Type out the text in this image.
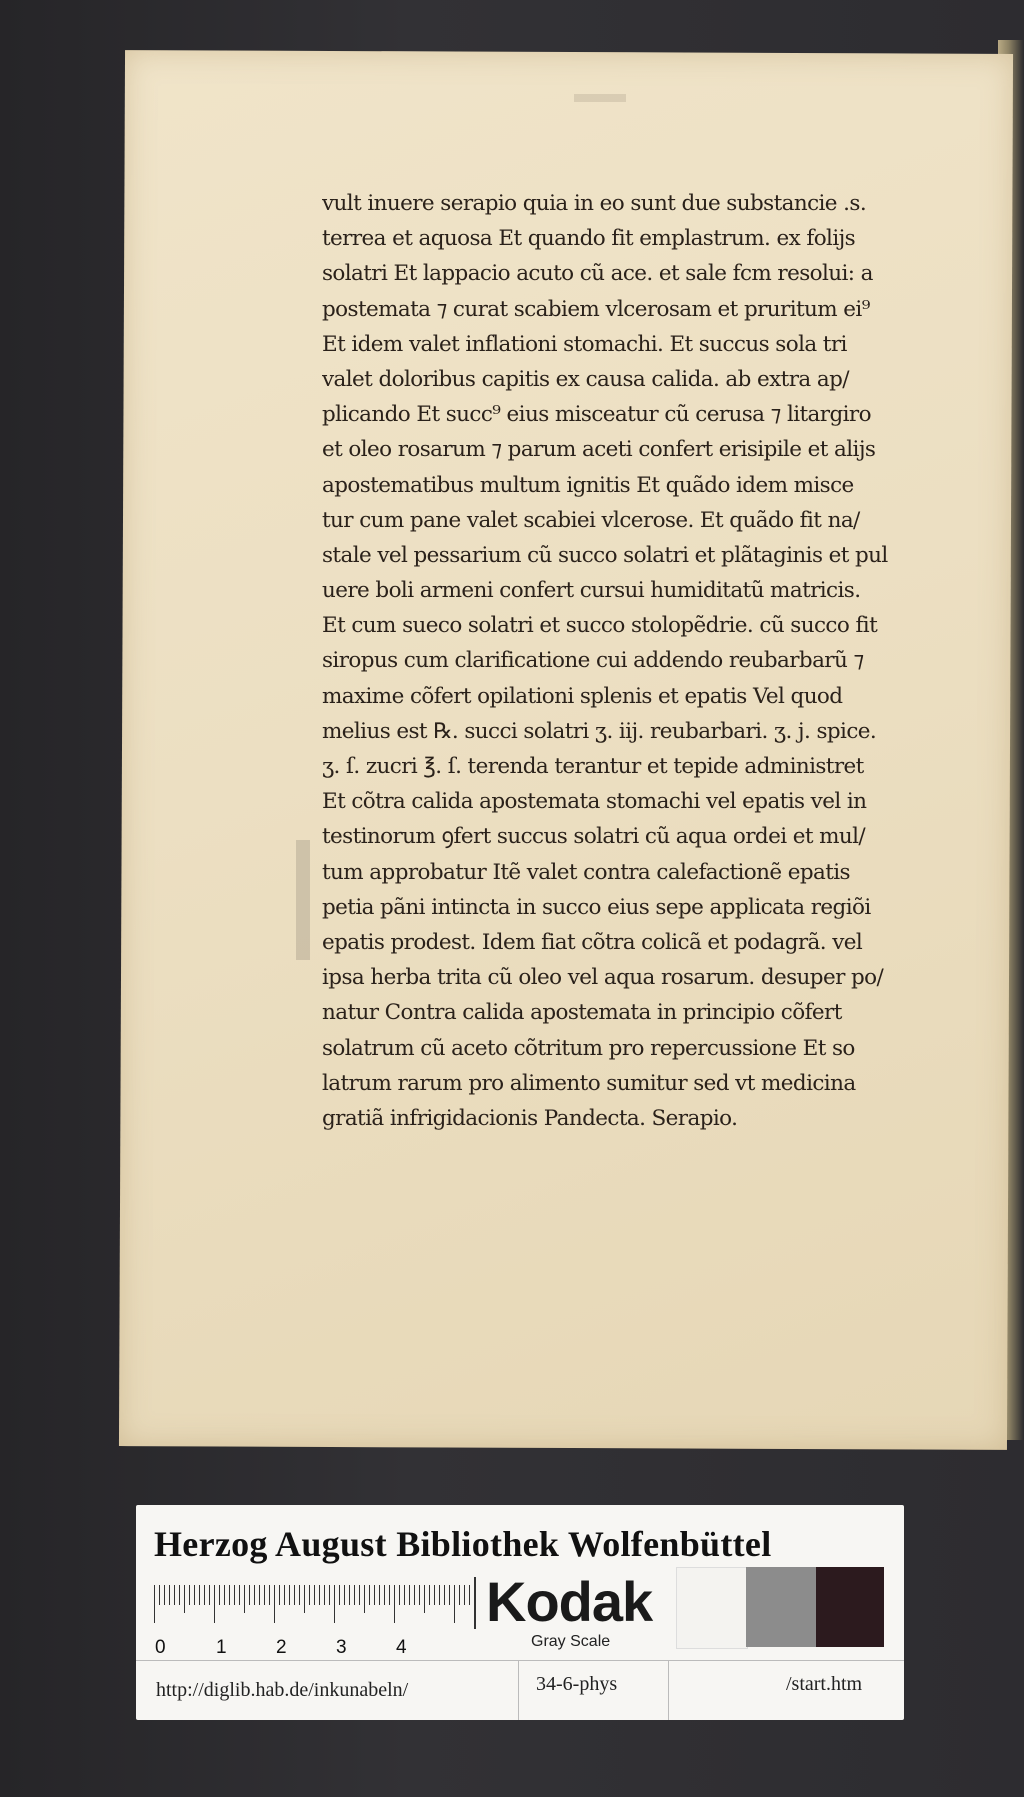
vult inuere serapio quia in eo sunt due substancie .s.
terrea et aquosa Et quando fit emplastrum. ex folijs
solatri Et lappacio acuto cũ ace. et sale fcm resolui: a
postemata ⁊ curat scabiem vlcerosam et pruritum ei⁹
Et idem valet inflationi stomachi. Et succus sola tri
valet doloribus capitis ex causa calida. ab extra ap/
plicando Et succ⁹ eius misceatur cũ cerusa ⁊ litargiro
et oleo rosarum ⁊ parum aceti confert erisipile et alijs
apostematibus multum ignitis Et quãdo idem misce
tur cum pane valet scabiei vlcerose. Et quãdo fit na/
stale vel pessarium cũ succo solatri et plãtaginis et pul
uere boli armeni confert cursui humiditatũ matricis.
Et cum sueco solatri et succo stolopẽdrie. cũ succo fit
siropus cum clarificatione cui addendo reubarbarũ ⁊
maxime cõfert opilationi splenis et epatis Vel quod
melius est ℞. succi solatri ʒ. iij. reubarbari. ʒ. j. spice.
ʒ. ſ. zucri ℥. ſ. terenda terantur et tepide administret
Et cõtra calida apostemata stomachi vel epatis vel in
testinorum ꝯfert succus solatri cũ aqua ordei et mul/
tum approbatur Itẽ valet contra calefactionẽ epatis
petia pãni intincta in succo eius sepe applicata regiõi
epatis prodest. Idem fiat cõtra colicã et podagrã. vel
ipsa herba trita cũ oleo vel aqua rosarum. desuper po/
natur Contra calida apostemata in principio cõfert
solatrum cũ aceto cõtritum pro repercussione Et so
latrum rarum pro alimento sumitur sed vt medicina
gratiã infrigidacionis Pandecta. Serapio.
Herzog August Bibliothek Wolfenbüttel
0	1	2	3	4
Kodak
Gray Scale
http://diglib.hab.de/inkunabeln/	34-6-phys	/start.htm
